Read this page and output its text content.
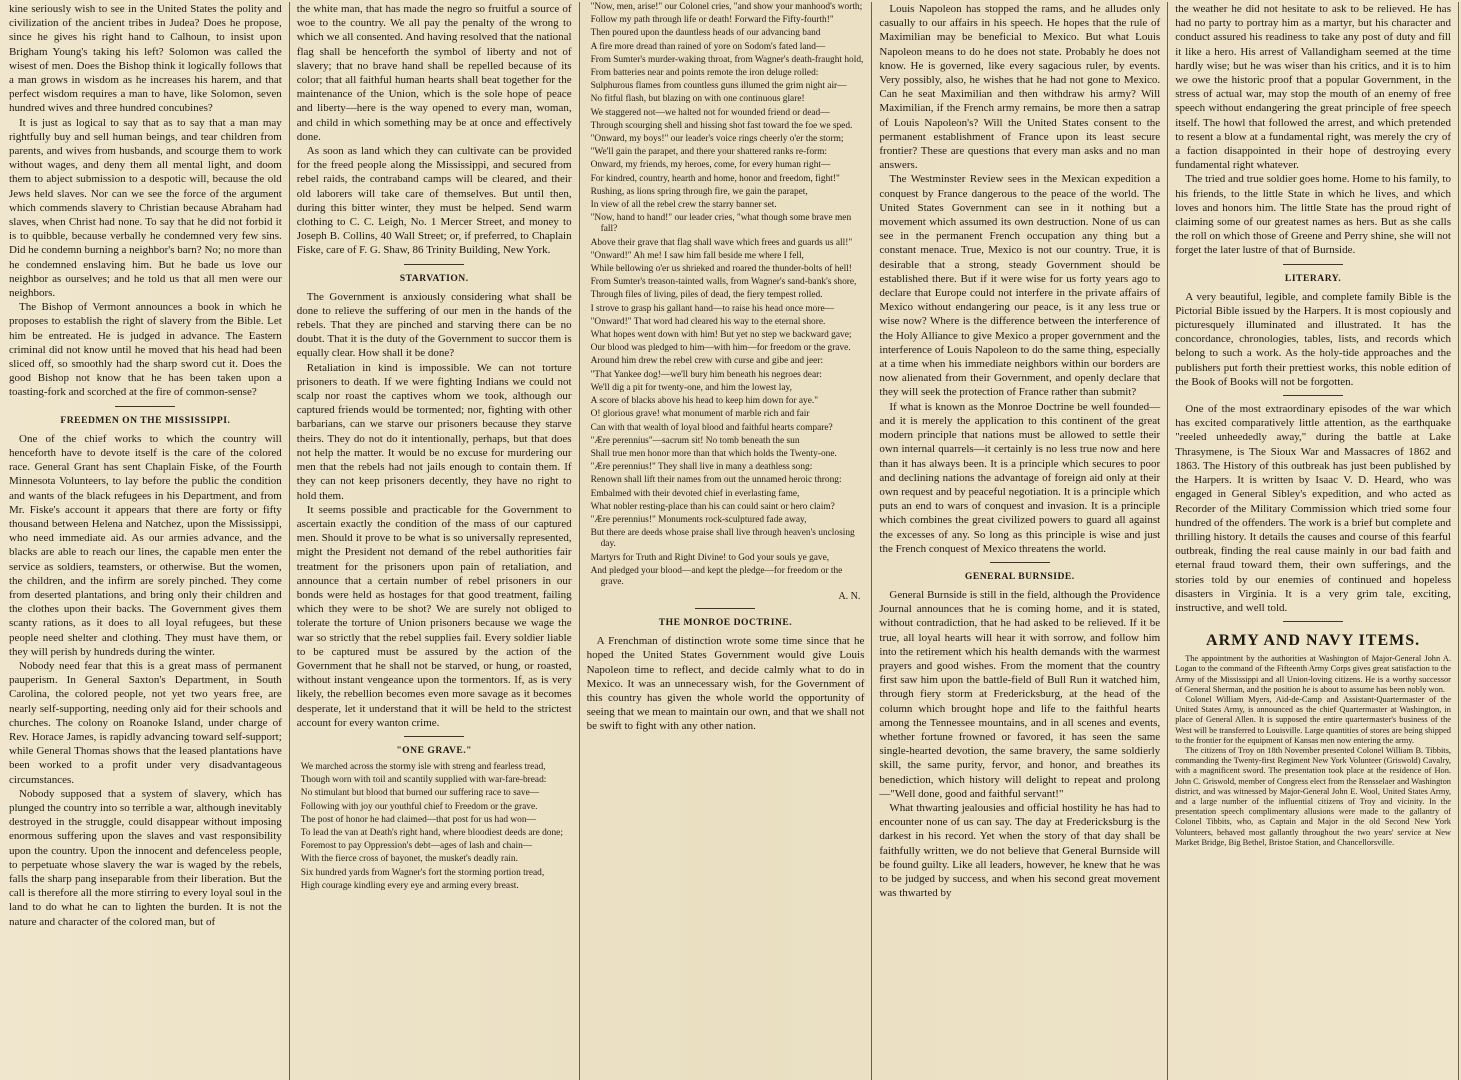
kine seriously wish to see in the United States the polity and civilization of the ancient tribes in Judea? Does he propose, since he gives his right hand to Calhoun, to insist upon Brigham Young's taking his left? Solomon was called the wisest of men. Does the Bishop think it logically follows that a man grows in wisdom as he increases his harem, and that perfect wisdom requires a man to have, like Solomon, seven hundred wives and three hundred concubines?

It is just as logical to say that as to say that a man may rightfully buy and sell human beings, and tear children from parents, and wives from husbands, and scourge them to work without wages, and deny them all mental light, and doom them to abject submission to a despotic will, because the old Jews held slaves. Nor can we see the force of the argument which commends slavery to Christian because Abraham had slaves, when Christ had none. To say that he did not forbid it is to quibble, because verbally he condemned very few sins. Did he condemn burning a neighbor's barn? No; no more than he condemned enslaving him. But he bade us love our neighbor as ourselves; and he told us that all men were our neighbors.

The Bishop of Vermont announces a book in which he proposes to establish the right of slavery from the Bible. Let him be entreated. He is judged in advance. The Eastern criminal did not know until he moved that his head had been sliced off, so smoothly had the sharp sword cut it. Does the good Bishop not know that he has been taken upon a toasting-fork and scorched at the fire of common-sense?

FREEDMEN ON THE MISSISSIPPI.

One of the chief works to which the country will henceforth have to devote itself is the care of the colored race. General Grant has sent Chaplain Fiske, of the Fourth Minnesota Volunteers, to lay before the public the condition and wants of the black refugees in his Department, and from Mr. Fiske's account it appears that there are forty or fifty thousand between Helena and Natchez, upon the Mississippi, who need immediate aid. As our armies advance, and the blacks are able to reach our lines, the capable men enter the service as soldiers, teamsters, or otherwise. But the women, the children, and the infirm are sorely pinched. They come from deserted plantations, and bring only their children and the clothes upon their backs. The Government gives them scanty rations, as it does to all loyal refugees, but these people need shelter and clothing. They must have them, or they will perish by hundreds during the winter.

Nobody need fear that this is a great mass of permanent pauperism. In General Saxton's Department, in South Carolina, the colored people, not yet two years free, are nearly self-supporting, needing only aid for their schools and churches. The colony on Roanoke Island, under charge of Rev. Horace James, is rapidly advancing toward self-support; while General Thomas shows that the leased plantations have been worked to a profit under very disadvantageous circumstances.

Nobody supposed that a system of slavery, which has plunged the country into so terrible a war, although inevitably destroyed in the struggle, could disappear without imposing enormous suffering upon the slaves and vast responsibility upon the country. Upon the innocent and defenceless people, to perpetuate whose slavery the war is waged by the rebels, falls the sharp pang inseparable from their liberation. But the call is therefore all the more stirring to every loyal soul in the land to do what he can to lighten the burden. It is not the nature and character of the colored man, but of

the white man, that has made the negro so fruitful a source of woe to the country. We all pay the penalty of the wrong to which we all consented. And having resolved that the national flag shall be henceforth the symbol of liberty and not of slavery; that no brave hand shall be repelled because of its color; that all faithful human hearts shall beat together for the maintenance of the Union, which is the sole hope of peace and liberty—here is the way opened to every man, woman, and child in which something may be at once and effectively done.

As soon as land which they can cultivate can be provided for the freed people along the Mississippi, and secured from rebel raids, the contraband camps will be cleared, and their old laborers will take care of themselves. But until then, during this bitter winter, they must be helped. Send warm clothing to C. C. Leigh, No. 1 Mercer Street, and money to Joseph B. Collins, 40 Wall Street; or, if preferred, to Chaplain Fiske, care of F. G. Shaw, 86 Trinity Building, New York.

STARVATION.

The Government is anxiously considering what shall be done to relieve the suffering of our men in the hands of the rebels. That they are pinched and starving there can be no doubt. That it is the duty of the Government to succor them is equally clear. How shall it be done?

Retaliation in kind is impossible. We can not torture prisoners to death. If we were fighting Indians we could not scalp nor roast the captives whom we took, although our captured friends would be tormented; nor, fighting with other barbarians, can we starve our prisoners because they starve theirs. They do not do it intentionally, perhaps, but that does not help the matter. It would be no excuse for murdering our men that the rebels had not jails enough to contain them. If they can not keep prisoners decently, they have no right to hold them.

It seems possible and practicable for the Government to ascertain exactly the condition of the mass of our captured men. Should it prove to be what is so universally represented, might the President not demand of the rebel authorities fair treatment for the prisoners upon pain of retaliation, and announce that a certain number of rebel prisoners in our bonds were held as hostages for that good treatment, failing which they were to be shot? We are surely not obliged to tolerate the torture of Union prisoners because we wage the war so strictly that the rebel supplies fail. Every soldier liable to be captured must be assured by the action of the Government that he shall not be starved, or hung, or roasted, without instant vengeance upon the tormentors. If, as is very likely, the rebellion becomes even more savage as it becomes desperate, let it understand that it will be held to the strictest account for every wanton crime.

"ONE GRAVE."

We marched across the stormy isle with streng and fearless tread,

Though worn with toil and scantily supplied with war-fare-bread:

No stimulant but blood that burned our suffering race to save—

Following with joy our youthful chief to Freedom or the grave.

The post of honor he had claimed—that post for us had won—

To lead the van at Death's right hand, where bloodiest deeds are done;

Foremost to pay Oppression's debt—ages of lash and chain—

With the fierce cross of bayonet, the musket's deadly rain.

Six hundred yards from Wagner's fort the storming portion tread,

High courage kindling every eye and arming every breast.

"Now, men, arise!" our Colonel cries, "and show your manhood's worth;

Follow my path through life or death! Forward the Fifty-fourth!"

Then poured upon the dauntless heads of our advancing band

A fire more dread than rained of yore on Sodom's fated land—

From Sumter's murder-waking throat, from Wagner's death-fraught hold,

From batteries near and points remote the iron deluge rolled:

Sulphurous flames from countless guns illumed the grim night air—

No fitful flash, but blazing on with one continuous glare!

We staggered not—we halted not for wounded friend or dead—

Through scourging shell and hissing shot fast toward the foe we sped.

"Onward, my boys!" our leader's voice rings cheerly o'er the storm;

"We'll gain the parapet, and there your shattered ranks re-form:

Onward, my friends, my heroes, come, for every human right—

For kindred, country, hearth and home, honor and freedom, fight!"

Rushing, as lions spring through fire, we gain the parapet,

In view of all the rebel crew the starry banner set.

"Now, hand to hand!" our leader cries, "what though some brave men fall?

Above their grave that flag shall wave which frees and guards us all!"

"Onward!" Ah me! I saw him fall beside me where I fell,

While bellowing o'er us shrieked and roared the thunder-bolts of hell!

From Sumter's treason-tainted walls, from Wagner's sand-bank's shore,

Through files of living, piles of dead, the fiery tempest rolled.

I strove to grasp his gallant hand—to raise his head once more—

"Onward!" That word had cleared his way to the eternal shore.

What hopes went down with him! But yet no step we backward gave;

Our blood was pledged to him—with him—for freedom or the grave.

Around him drew the rebel crew with curse and gibe and jeer:

"That Yankee dog!—we'll bury him beneath his negroes dear:

We'll dig a pit for twenty-one, and him the lowest lay,

A score of blacks above his head to keep him down for aye."

O! glorious grave! what monument of marble rich and fair

Can with that wealth of loyal blood and faithful hearts compare?

"Ære perennius"—sacrum sit! No tomb beneath the sun

Shall true men honor more than that which holds the Twenty-one.

"Ære perennius!" They shall live in many a deathless song:

Renown shall lift their names from out the unnamed heroic throng:

Embalmed with their devoted chief in everlasting fame,

What nobler resting-place than his can could saint or hero claim?

"Ære perennius!" Monuments rock-sculptured fade away,

But there are deeds whose praise shall live through heaven's unclosing day.

Martyrs for Truth and Right Divine! to God your souls ye gave,

And pledged your blood—and kept the pledge—for freedom or the grave.

A. N.
THE MONROE DOCTRINE.

A Frenchman of distinction wrote some time since that he hoped the United States Government would give Louis Napoleon time to reflect, and decide calmly what to do in Mexico. It was an unnecessary wish, for the Government of this country has given the whole world the opportunity of seeing that we mean to maintain our own, and that we shall not be swift to fight with any other nation.

Louis Napoleon has stopped the rams, and he alludes only casually to our affairs in his speech. He hopes that the rule of Maximilian may be beneficial to Mexico. But what Louis Napoleon means to do he does not state. Probably he does not know. He is governed, like every sagacious ruler, by events. Very possibly, also, he wishes that he had not gone to Mexico. Can he seat Maximilian and then withdraw his army? Will Maximilian, if the French army remains, be more then a satrap of Louis Napoleon's? Will the United States consent to the permanent establishment of France upon its least secure frontier? These are questions that every man asks and no man answers.

The Westminster Review sees in the Mexican expedition a conquest by France dangerous to the peace of the world. The United States Government can see in it nothing but a movement which assumed its own destruction. None of us can see in the permanent French occupation any thing but a constant menace. True, Mexico is not our country. True, it is desirable that a strong, steady Government should be established there. But if it were wise for us forty years ago to declare that Europe could not interfere in the private affairs of Mexico without endangering our peace, is it any less true or wise now? Where is the difference between the interference of the Holy Alliance to give Mexico a proper government and the interference of Louis Napoleon to do the same thing, especially at a time when his immediate neighbors within our borders are now alienated from their Government, and openly declare that they will seek the protection of France rather than submit?

If what is known as the Monroe Doctrine be well founded—and it is merely the application to this continent of the great modern principle that nations must be allowed to settle their own internal quarrels—it certainly is no less true now and here than it has always been. It is a principle which secures to poor and declining nations the advantage of foreign aid only at their own request and by peaceful negotiation. It is a principle which puts an end to wars of conquest and invasion. It is a principle which combines the great civilized powers to guard all against the excesses of any. So long as this principle is wise and just the French conquest of Mexico threatens the world.

GENERAL BURNSIDE.

General Burnside is still in the field, although the Providence Journal announces that he is coming home, and it is stated, without contradiction, that he had asked to be relieved. If it be true, all loyal hearts will hear it with sorrow, and follow him into the retirement which his health demands with the warmest prayers and good wishes. From the moment that the country first saw him upon the battle-field of Bull Run it watched him, through fiery storm at Fredericksburg, at the head of the column which brought hope and life to the faithful hearts among the Tennessee mountains, and in all scenes and events, whether fortune frowned or favored, it has seen the same single-hearted devotion, the same bravery, the same soldierly skill, the same purity, fervor, and honor, and breathes its benediction, which history will delight to repeat and prolong—"Well done, good and faithful servant!"

What thwarting jealousies and official hostility he has had to encounter none of us can say. The day at Fredericksburg is the darkest in his record. Yet when the story of that day shall be faithfully written, we do not believe that General Burnside will be found guilty. Like all leaders, however, he knew that he was to be judged by success, and when his second great movement was thwarted by

the weather he did not hesitate to ask to be relieved. He has had no party to portray him as a martyr, but his character and conduct assured his readiness to take any post of duty and fill it like a hero. His arrest of Vallandigham seemed at the time hardly wise; but he was wiser than his critics, and it is to him we owe the historic proof that a popular Government, in the stress of actual war, may stop the mouth of an enemy of free speech without endangering the great principle of free speech itself. The howl that followed the arrest, and which pretended to resent a blow at a fundamental right, was merely the cry of a faction disappointed in their hope of destroying every fundamental right whatever.

The tried and true soldier goes home. Home to his family, to his friends, to the little State in which he lives, and which loves and honors him. The little State has the proud right of claiming some of our greatest names as hers. But as she calls the roll on which those of Greene and Perry shine, she will not forget the later lustre of that of Burnside.

LITERARY.

A very beautiful, legible, and complete family Bible is the Pictorial Bible issued by the Harpers. It is most copiously and picturesquely illuminated and illustrated. It has the concordance, chronologies, tables, lists, and records which belong to such a work. As the holy-tide approaches and the publishers put forth their prettiest works, this noble edition of the Book of Books will not be forgotten.

One of the most extraordinary episodes of the war which has excited comparatively little attention, as the earthquake "reeled unheededly away," during the battle at Lake Thrasymene, is The Sioux War and Massacres of 1862 and 1863. The History of this outbreak has just been published by the Harpers. It is written by Isaac V. D. Heard, who was engaged in General Sibley's expedition, and who acted as Recorder of the Military Commission which tried some four hundred of the offenders. The work is a brief but complete and thrilling history. It details the causes and course of this fearful outbreak, finding the real cause mainly in our bad faith and eternal fraud toward them, their own sufferings, and the stories told by our enemies of continued and hopeless disasters in Virginia. It is a very grim tale, exciting, instructive, and well told.

ARMY AND NAVY ITEMS.

The appointment by the authorities at Washington of Major-General John A. Logan to the command of the Fifteenth Army Corps gives great satisfaction to the Army of the Mississippi and all Union-loving citizens. He is a worthy successor of General Sherman, and the position he is about to assume has been nobly won.

Colonel William Myers, Aid-de-Camp and Assistant-Quartermaster of the United States Army, is announced as the chief Quartermaster at Washington, in place of General Allen. It is supposed the entire quartermaster's business of the West will be transferred to Louisville. Large quantities of stores are being shipped to the frontier for the equipment of Kansas men now entering the army.

The citizens of Troy on 18th November presented Colonel William B. Tibbits, commanding the Twenty-first Regiment New York Volunteer (Griswold) Cavalry, with a magnificent sword. The presentation took place at the residence of Hon. John C. Griswold, member of Congress elect from the Rensselaer and Washington district, and was witnessed by Major-General John E. Wool, United States Army, and a large number of the influential citizens of Troy and vicinity. In the presentation speech complimentary allusions were made to the gallantry of Colonel Tibbits, who, as Captain and Major in the old Second New York Volunteers, behaved most gallantly throughout the two years' service at New Market Bridge, Big Bethel, Bristoe Station, and Chancellorsville.
